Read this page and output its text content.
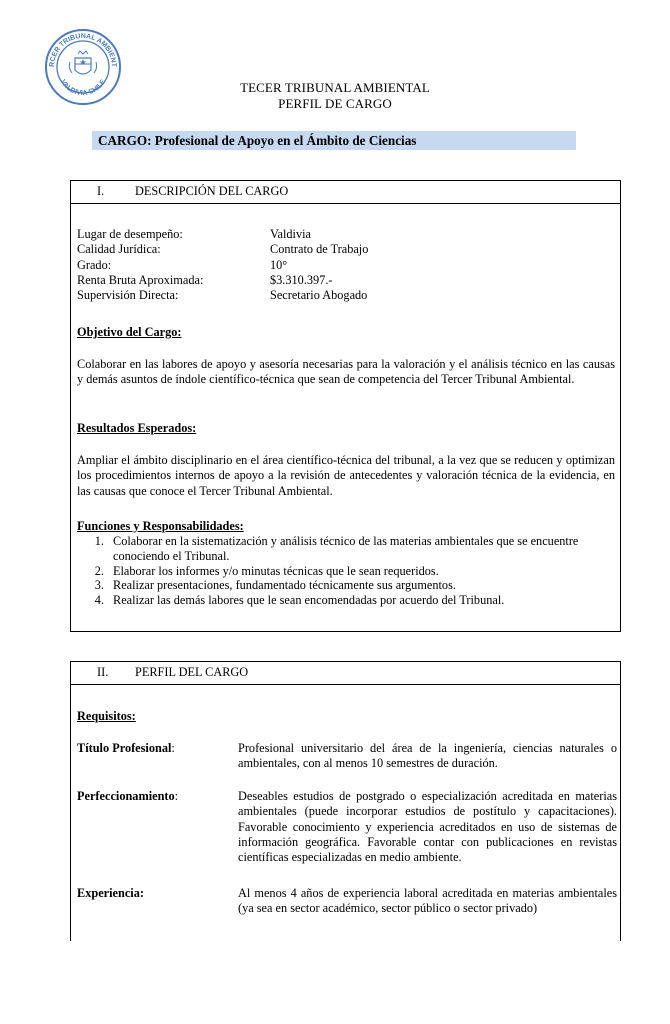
RCER TRIBUNAL AMBIENT
VALDIVIA CHILE	TECER TRIBUNAL AMBIENTAL
PERFIL DE CARGO
CARGO: Profesional de Apoyo en el Ámbito de Ciencias
I.	DESCRIPCIÓN DEL CARGO
Lugar de desempeño:	Valdivia
Calidad Jurídica:	Contrato de Trabajo
Grado:	10°
Renta Bruta Aproximada:	$3.310.397.-
Supervisión Directa:	Secretario Abogado
Objetivo del Cargo:
Colaborar en las labores de apoyo y asesoría necesarias para la valoración y el análisis técnico en las causas y demás asuntos de índole científico-técnica que sean de competencia del Tercer Tribunal Ambiental.
Resultados Esperados:
Ampliar el ámbito disciplinario en el área científico-técnica del tribunal, a la vez que se reducen y optimizan los procedimientos internos de apoyo a la revisión de antecedentes y valoración técnica de la evidencia, en las causas que conoce el Tercer Tribunal Ambiental.
Funciones y Responsabilidades:
1. Colaborar en la sistematización y análisis técnico de las materias ambientales que se encuentre conociendo el Tribunal.
2. Elaborar los informes y/o minutas técnicas que le sean requeridos.
3. Realizar presentaciones, fundamentado técnicamente sus argumentos.
4. Realizar las demás labores que le sean encomendadas por acuerdo del Tribunal.
II.	PERFIL DEL CARGO
Requisitos:
Título Profesional:	Profesional universitario del área de la ingeniería, ciencias naturales o ambientales, con al menos 10 semestres de duración.
Perfeccionamiento:	Deseables estudios de postgrado o especialización acreditada en materias ambientales (puede incorporar estudios de postítulo y capacitaciones). Favorable conocimiento y experiencia acreditados en uso de sistemas de información geográfica. Favorable contar con publicaciones en revistas científicas especializadas en medio ambiente.
Experiencia:	Al menos 4 años de experiencia laboral acreditada en materias ambientales (ya sea en sector académico, sector público o sector privado)
